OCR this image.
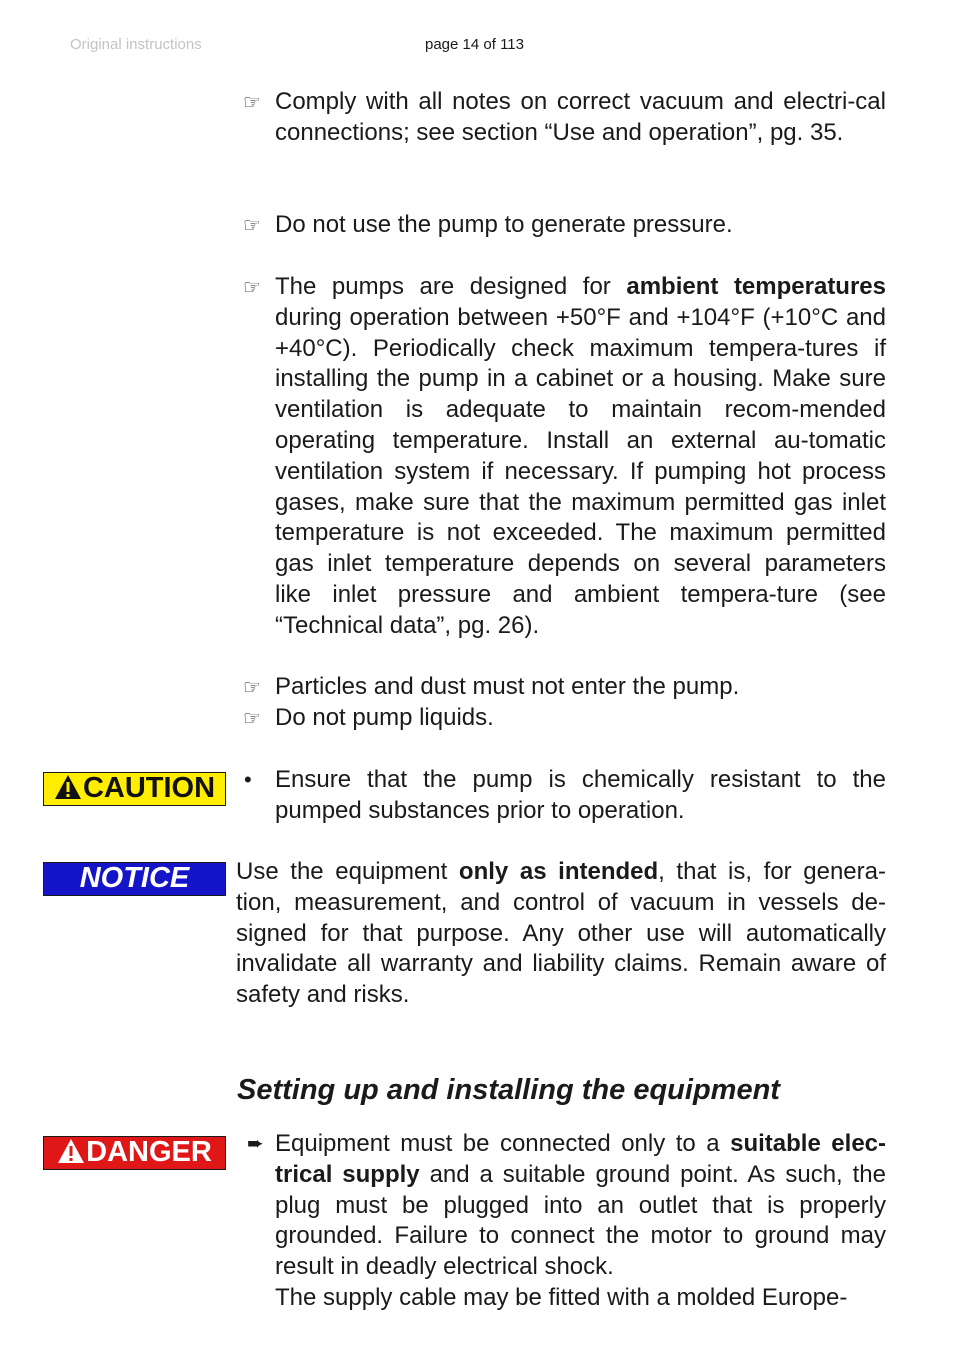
Original instructions	page 14 of 113
☞ Comply with all notes on correct vacuum and electri-cal connections; see section “Use and operation”, pg. 35.
☞ Do not use the pump to generate pressure.
☞ The pumps are designed for ambient temperatures during operation between +50°F and +104°F (+10°C and +40°C). Periodically check maximum tempera-tures if installing the pump in a cabinet or a housing. Make sure ventilation is adequate to maintain recom-mended operating temperature. Install an external au-tomatic ventilation system if necessary. If pumping hot process gases, make sure that the maximum permitted gas inlet temperature is not exceeded. The maximum permitted gas inlet temperature depends on several parameters like inlet pressure and ambient tempera-ture (see “Technical data”, pg. 26).
☞ Particles and dust must not enter the pump.
☞ Do not pump liquids.
CAUTION	• Ensure that the pump is chemically resistant to the pumped substances prior to operation.
NOTICE	Use the equipment only as intended, that is, for genera-tion, measurement, and control of vacuum in vessels de-signed for that purpose. Any other use will automatically invalidate all warranty and liability claims. Remain aware of safety and risks.
Setting up and installing the equipment
DANGER	➨ Equipment must be connected only to a suitable elec-trical supply and a suitable ground point. As such, the plug must be plugged into an outlet that is properly grounded. Failure to connect the motor to ground may result in deadly electrical shock.
The supply cable may be fitted with a molded Europe-
